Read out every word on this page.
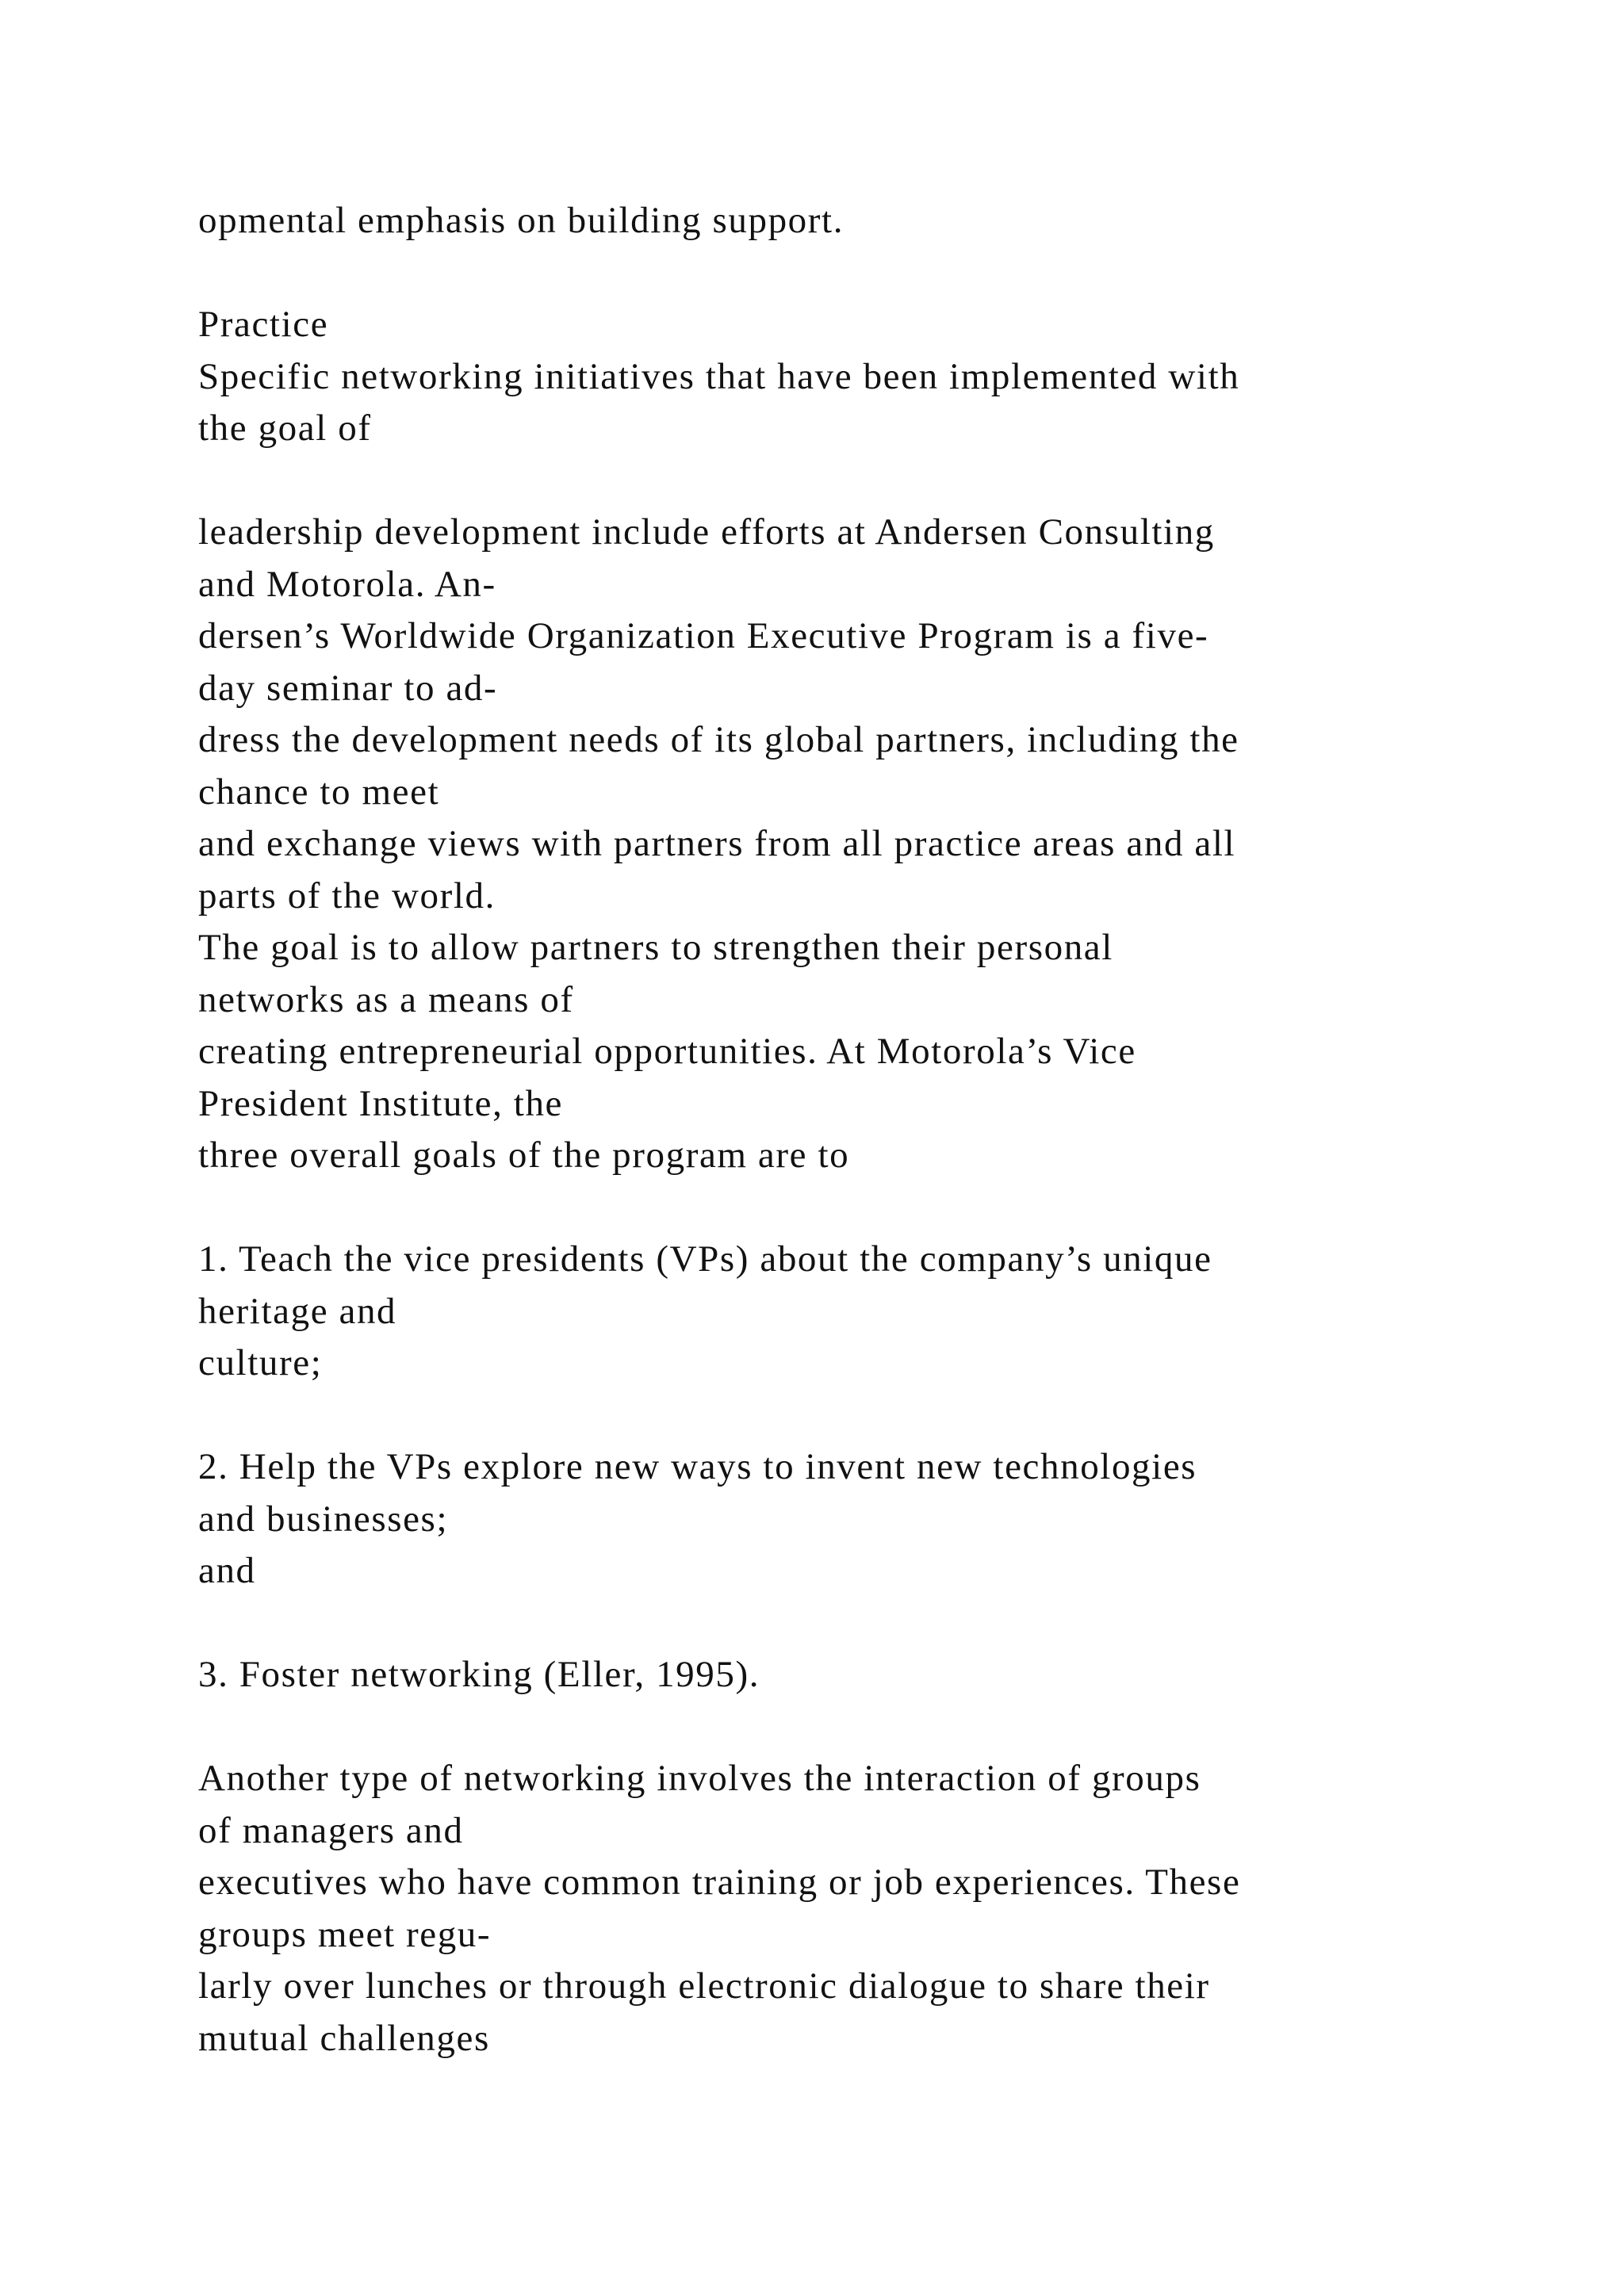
opmental emphasis on building support.
Practice
Specific networking initiatives that have been implemented with
the goal of
leadership development include efforts at Andersen Consulting
and Motorola. An-
dersen’s Worldwide Organization Executive Program is a five-
day seminar to ad-
dress the development needs of its global partners, including the
chance to meet
and exchange views with partners from all practice areas and all
parts of the world.
The goal is to allow partners to strengthen their personal
networks as a means of
creating entrepreneurial opportunities. At Motorola’s Vice
President Institute, the
three overall goals of the program are to
1. Teach the vice presidents (VPs) about the company’s unique
heritage and
culture;
2. Help the VPs explore new ways to invent new technologies
and businesses;
and
3. Foster networking (Eller, 1995).
Another type of networking involves the interaction of groups
of managers and
executives who have common training or job experiences. These
groups meet regu-
larly over lunches or through electronic dialogue to share their
mutual challenges
